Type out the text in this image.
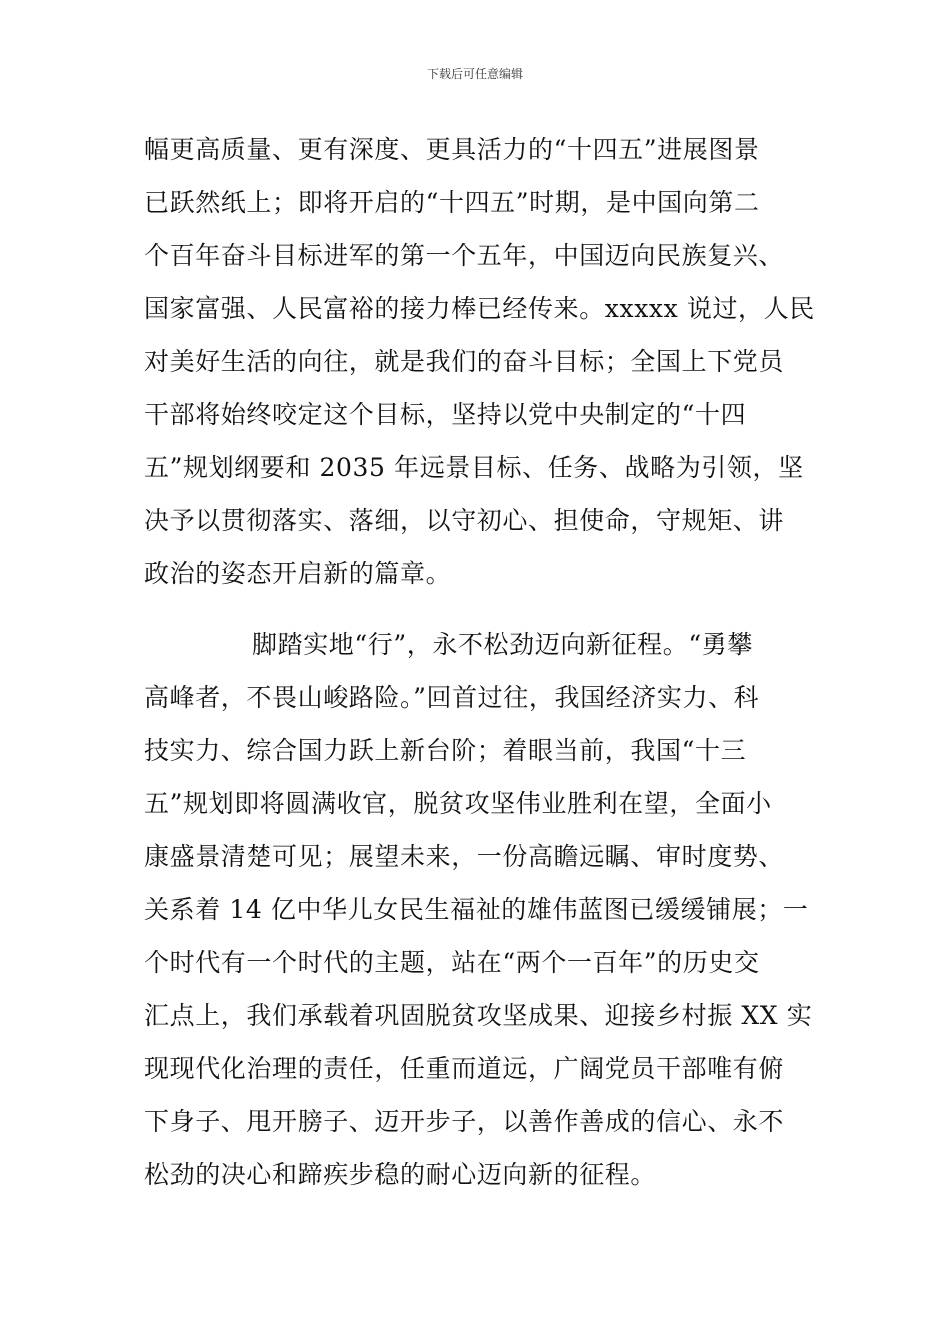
下载后可任意编辑
幅更高质量、更有深度、更具活力的“十四五”进展图景
已跃然纸上；即将开启的“十四五”时期，是中国向第二
个百年奋斗目标进军的第一个五年，中国迈向民族复兴、
国家富强、人民富裕的接力棒已经传来。xxxxx 说过，人民
对美好生活的向往，就是我们的奋斗目标；全国上下党员
干部将始终咬定这个目标，坚持以党中央制定的“十四
五”规划纲要和 2035 年远景目标、任务、战略为引领，坚
决予以贯彻落实、落细，以守初心、担使命，守规矩、讲
政治的姿态开启新的篇章。
脚踏实地“行”，永不松劲迈向新征程。“勇攀
高峰者，不畏山峻路险。”回首过往，我国经济实力、科
技实力、综合国力跃上新台阶；着眼当前，我国“十三
五”规划即将圆满收官，脱贫攻坚伟业胜利在望，全面小
康盛景清楚可见；展望未来，一份高瞻远瞩、审时度势、
关系着 14 亿中华儿女民生福祉的雄伟蓝图已缓缓铺展；一
个时代有一个时代的主题，站在“两个一百年”的历史交
汇点上，我们承载着巩固脱贫攻坚成果、迎接乡村振 XX 实
现现代化治理的责任，任重而道远，广阔党员干部唯有俯
下身子、甩开膀子、迈开步子，以善作善成的信心、永不
松劲的决心和蹄疾步稳的耐心迈向新的征程。
